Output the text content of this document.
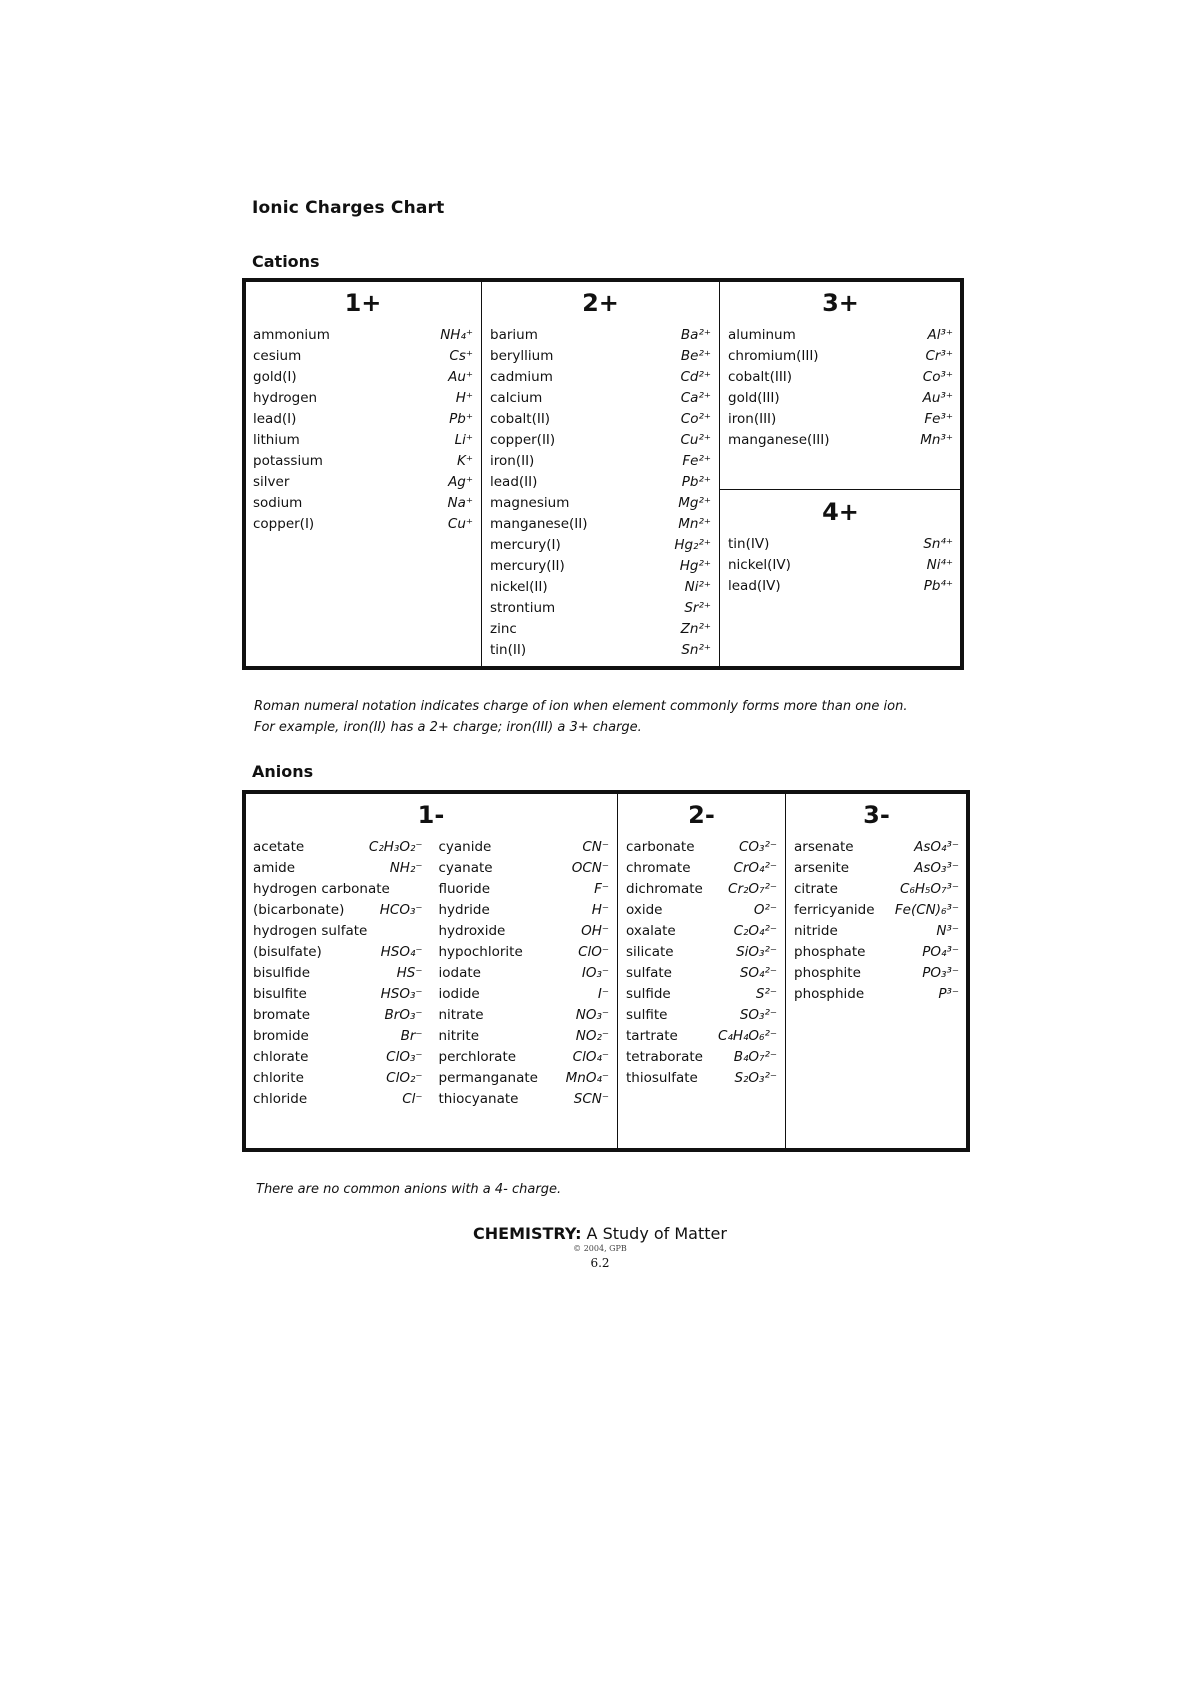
Ionic Charges Chart
Cations
1+
ammonium	NH₄⁺
cesium	Cs⁺
gold(I)	Au⁺
hydrogen	H⁺
lead(I)	Pb⁺
lithium	Li⁺
potassium	K⁺
silver	Ag⁺
sodium	Na⁺
copper(I)	Cu⁺
2+
barium	Ba²⁺
beryllium	Be²⁺
cadmium	Cd²⁺
calcium	Ca²⁺
cobalt(II)	Co²⁺
copper(II)	Cu²⁺
iron(II)	Fe²⁺
lead(II)	Pb²⁺
magnesium	Mg²⁺
manganese(II)	Mn²⁺
mercury(I)	Hg₂²⁺
mercury(II)	Hg²⁺
nickel(II)	Ni²⁺
strontium	Sr²⁺
zinc	Zn²⁺
tin(II)	Sn²⁺
3+
aluminum	Al³⁺
chromium(III)	Cr³⁺
cobalt(III)	Co³⁺
gold(III)	Au³⁺
iron(III)	Fe³⁺
manganese(III)	Mn³⁺
4+
tin(IV)	Sn⁴⁺
nickel(IV)	Ni⁴⁺
lead(IV)	Pb⁴⁺
Roman numeral notation indicates charge of ion when element commonly forms more than one ion.
For example, iron(II) has a 2+ charge; iron(III) a 3+ charge.
Anions
1-
acetate	C₂H₃O₂⁻
amide	NH₂⁻
hydrogen carbonate
(bicarbonate)	HCO₃⁻
hydrogen sulfate
(bisulfate)	HSO₄⁻
bisulfide	HS⁻
bisulfite	HSO₃⁻
bromate	BrO₃⁻
bromide	Br⁻
chlorate	ClO₃⁻
chlorite	ClO₂⁻
chloride	Cl⁻
cyanide	CN⁻
cyanate	OCN⁻
fluoride	F⁻
hydride	H⁻
hydroxide	OH⁻
hypochlorite	ClO⁻
iodate	IO₃⁻
iodide	I⁻
nitrate	NO₃⁻
nitrite	NO₂⁻
perchlorate	ClO₄⁻
permanganate MnO₄⁻
thiocyanate	SCN⁻
2-
carbonate	CO₃²⁻
chromate	CrO₄²⁻
dichromate Cr₂O₇²⁻
oxide	O²⁻
oxalate	C₂O₄²⁻
silicate	SiO₃²⁻
sulfate	SO₄²⁻
sulfide	S²⁻
sulfite	SO₃²⁻
tartrate	C₄H₄O₆²⁻
tetraborate B₄O₇²⁻
thiosulfate	S₂O₃²⁻
3-
arsenate	AsO₄³⁻
arsenite	AsO₃³⁻
citrate	C₆H₅O₇³⁻
ferricyanide Fe(CN)₆³⁻
nitride	N³⁻
phosphate	PO₄³⁻
phosphite	PO₃³⁻
phosphide	P³⁻
There are no common anions with a 4- charge.
CHEMISTRY: A Study of Matter
© 2004, GPB
6.2
